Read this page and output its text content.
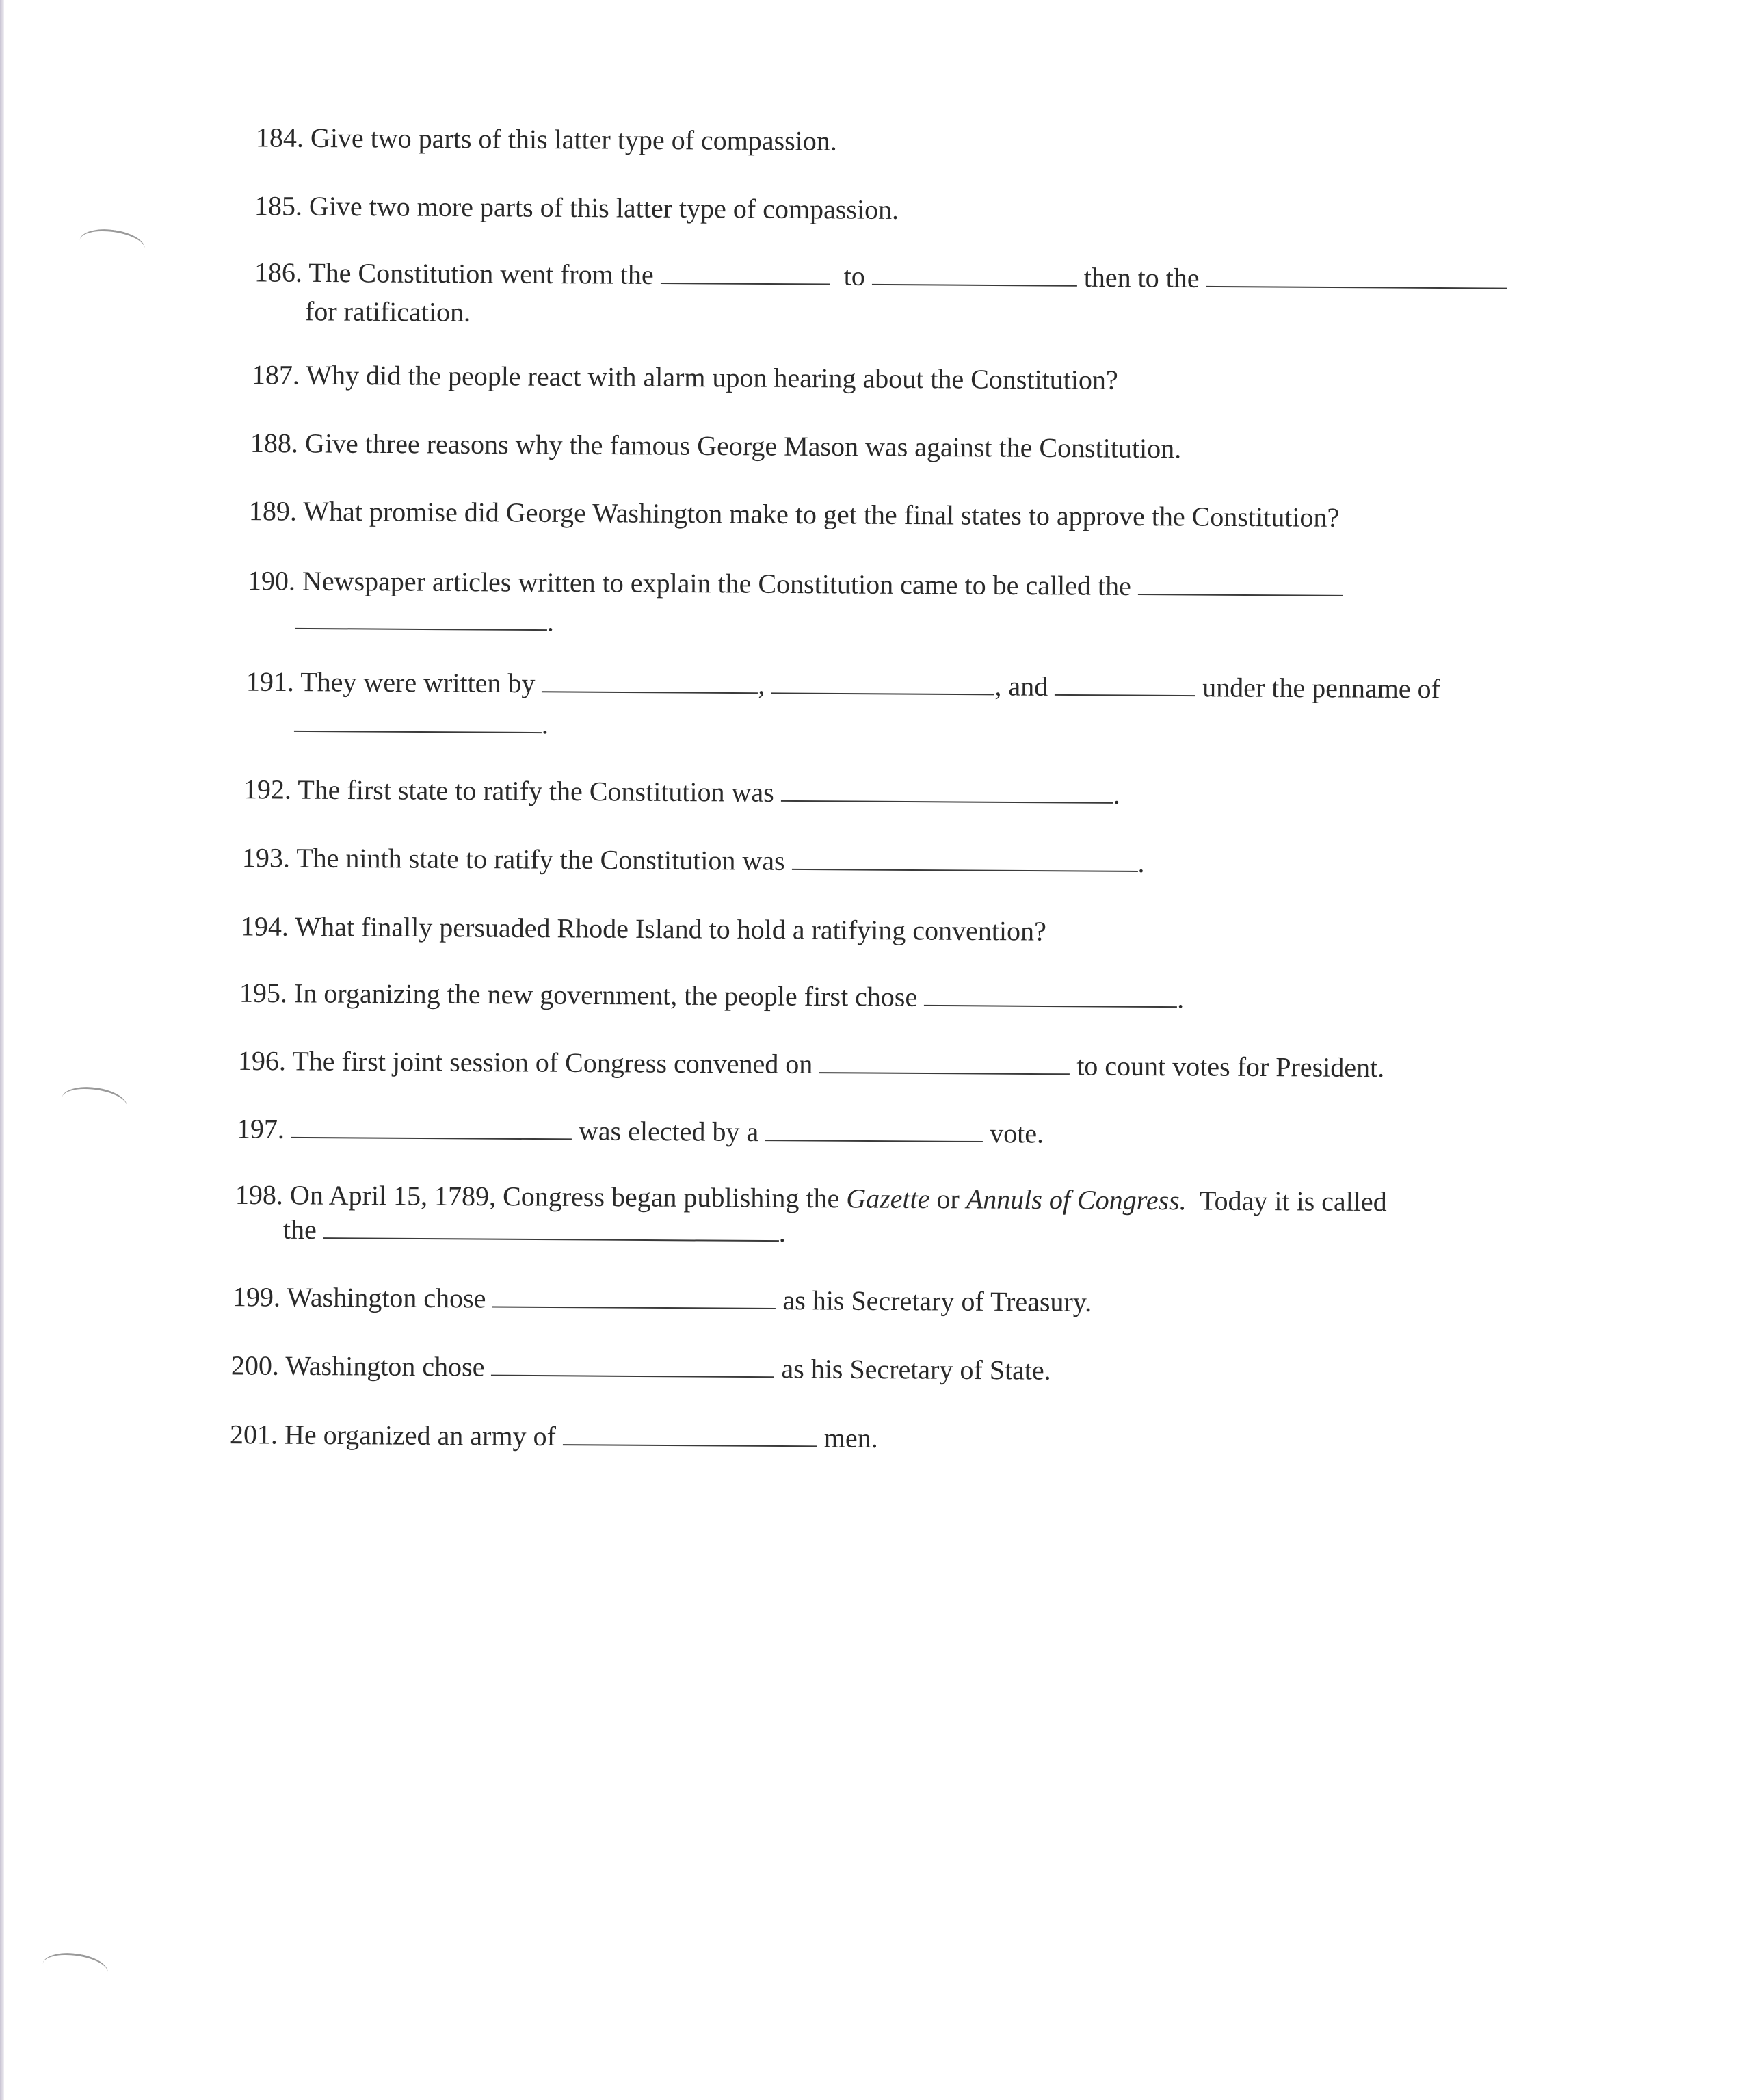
184. Give two parts of this latter type of compassion.
185. Give two more parts of this latter type of compassion.
186. The Constitution went from the	to	then to the
for ratification.
187. Why did the people react with alarm upon hearing about the Constitution?
188. Give three reasons why the famous George Mason was against the Constitution.
189. What promise did George Washington make to get the final states to approve the Constitution?
190. Newspaper articles written to explain the Constitution came to be called the
.
191. They were written by	,	, and	under the penname of
.
192. The first state to ratify the Constitution was	.
193. The ninth state to ratify the Constitution was	.
194. What finally persuaded Rhode Island to hold a ratifying convention?
195. In organizing the new government, the people first chose	.
196. The first joint session of Congress convened on	to count votes for President.
197.	was elected by a	vote.
198. On April 15, 1789, Congress began publishing the Gazette or Annuls of Congress. Today it is called
the	.
199. Washington chose	as his Secretary of Treasury.
200. Washington chose	as his Secretary of State.
201. He organized an army of	men.
